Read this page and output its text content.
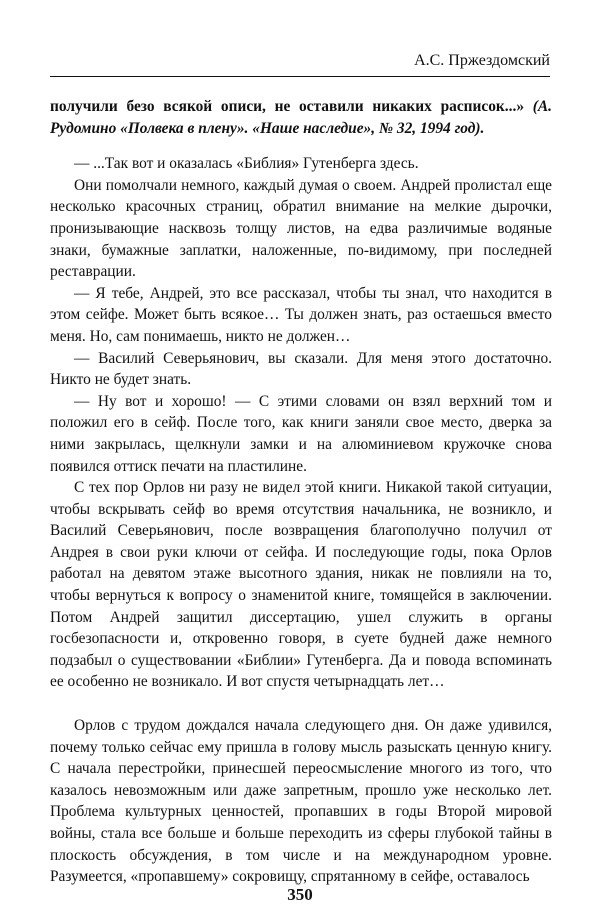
А.С. Пржездомский

получили безо всякой описи, не оставили никаких расписок...» (А. Рудомино «Полвека в плену». «Наше наследие», № 32, 1994 год).

— ...Так вот и оказалась «Библия» Гутенберга здесь.

Они помолчали немного, каждый думая о своем. Андрей пролистал еще несколько красочных страниц, обратил внимание на мелкие дырочки, пронизывающие насквозь толщу листов, на едва различимые водяные знаки, бумажные заплатки, наложенные, по-видимому, при последней реставрации.

— Я тебе, Андрей, это все рассказал, чтобы ты знал, что находится в этом сейфе. Может быть всякое… Ты должен знать, раз остаешься вместо меня. Но, сам понимаешь, никто не должен…

— Василий Северьянович, вы сказали. Для меня этого достаточно. Никто не будет знать.

— Ну вот и хорошо! — С этими словами он взял верхний том и положил его в сейф. После того, как книги заняли свое место, дверка за ними закрылась, щелкнули замки и на алюминиевом кружочке снова появился оттиск печати на пластилине.

С тех пор Орлов ни разу не видел этой книги. Никакой такой ситуации, чтобы вскрывать сейф во время отсутствия начальника, не возникло, и Василий Северьянович, после возвращения благополучно получил от Андрея в свои руки ключи от сейфа. И последующие годы, пока Орлов работал на девятом этаже высотного здания, никак не повлияли на то, чтобы вернуться к вопросу о знаменитой книге, томящейся в заключении. Потом Андрей защитил диссертацию, ушел служить в органы госбезопасности и, откровенно говоря, в суете будней даже немного подзабыл о существовании «Библии» Гутенберга. Да и повода вспоминать ее особенно не возникало. И вот спустя четырнадцать лет…

Орлов с трудом дождался начала следующего дня. Он даже удивился, почему только сейчас ему пришла в голову мысль разыскать ценную книгу. С начала перестройки, принесшей переосмысление многого из того, что казалось невозможным или даже запретным, прошло уже несколько лет. Проблема культурных ценностей, пропавших в годы Второй мировой войны, стала все больше и больше переходить из сферы глубокой тайны в плоскость обсуждения, в том числе и на международном уровне. Разумеется, «пропавшему» сокровищу, спрятанному в сейфе, оставалось

350
